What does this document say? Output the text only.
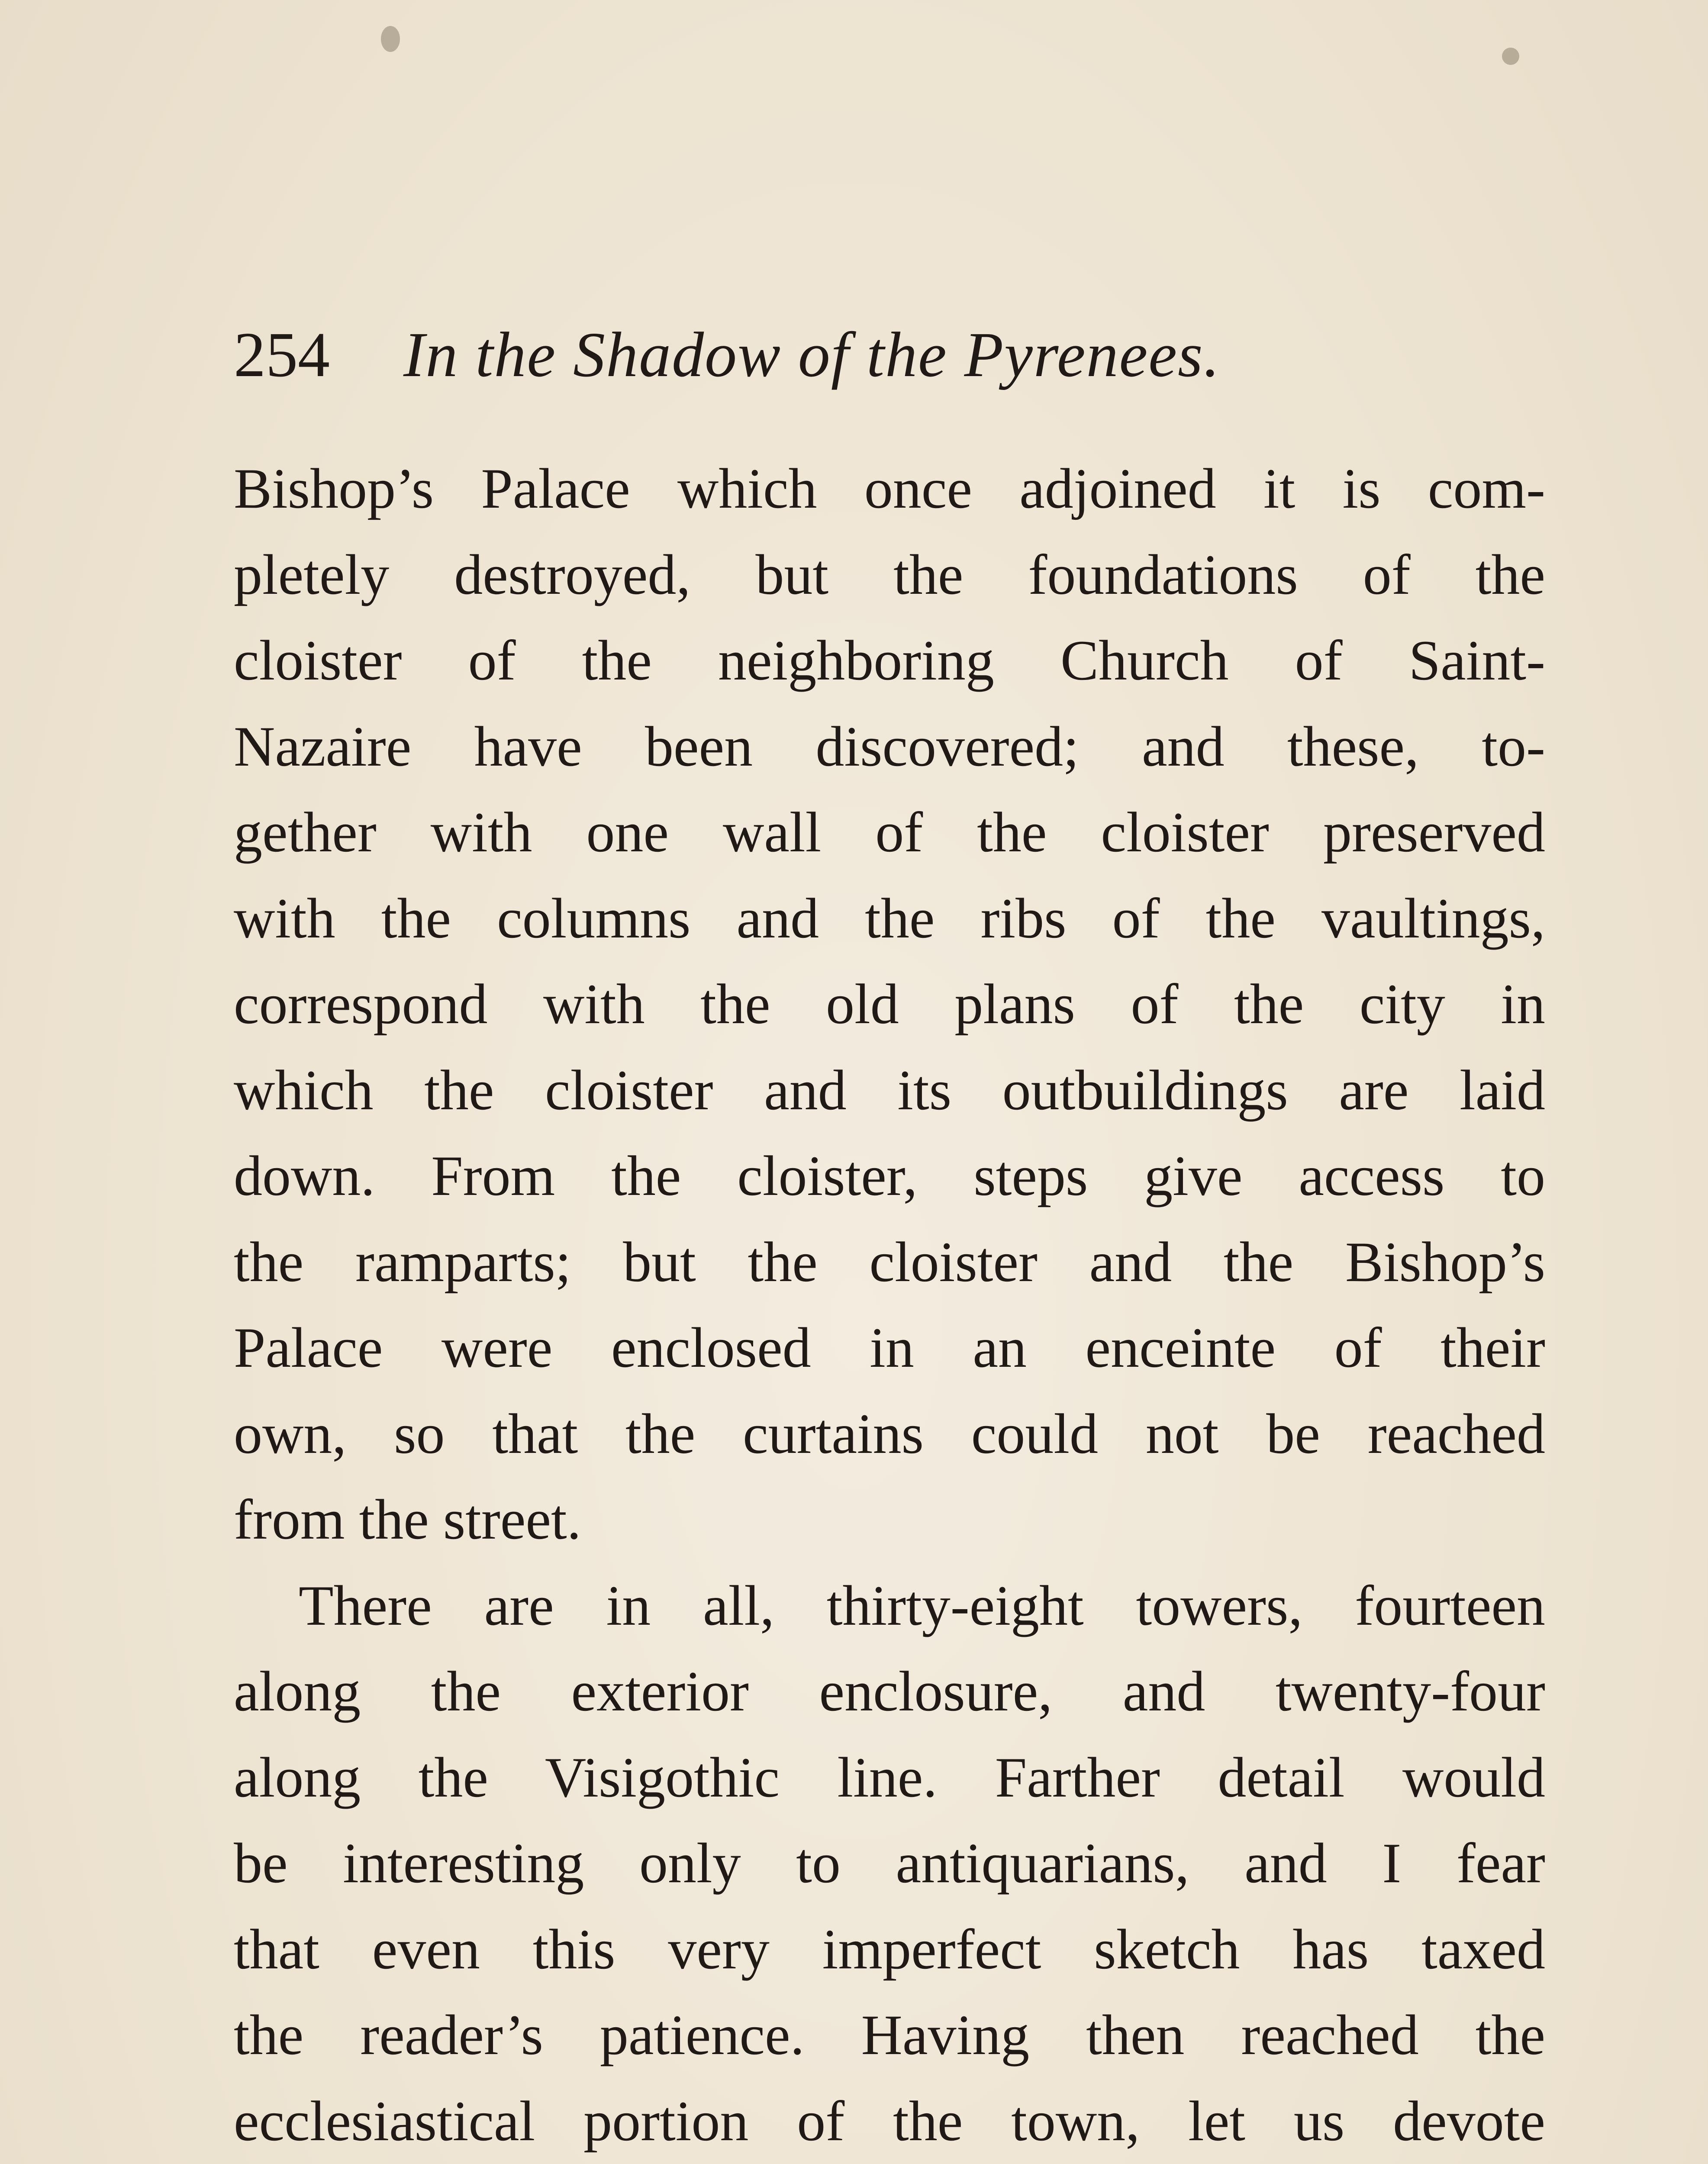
254 In the Shadow of the Pyrenees.
Bishop’s Palace which once adjoined it is com-
pletely destroyed, but the foundations of the
cloister of the neighboring Church of Saint-
Nazaire have been discovered; and these, to-
gether with one wall of the cloister preserved
with the columns and the ribs of the vaultings,
correspond with the old plans of the city in
which the cloister and its outbuildings are laid
down. From the cloister, steps give access to
the ramparts; but the cloister and the Bishop’s
Palace were enclosed in an enceinte of their
own, so that the curtains could not be reached
from the street.
There are in all, thirty-eight towers, fourteen
along the exterior enclosure, and twenty-four
along the Visigothic line. Farther detail would
be interesting only to antiquarians, and I fear
that even this very imperfect sketch has taxed
the reader’s patience. Having then reached the
ecclesiastical portion of the town, let us devote
